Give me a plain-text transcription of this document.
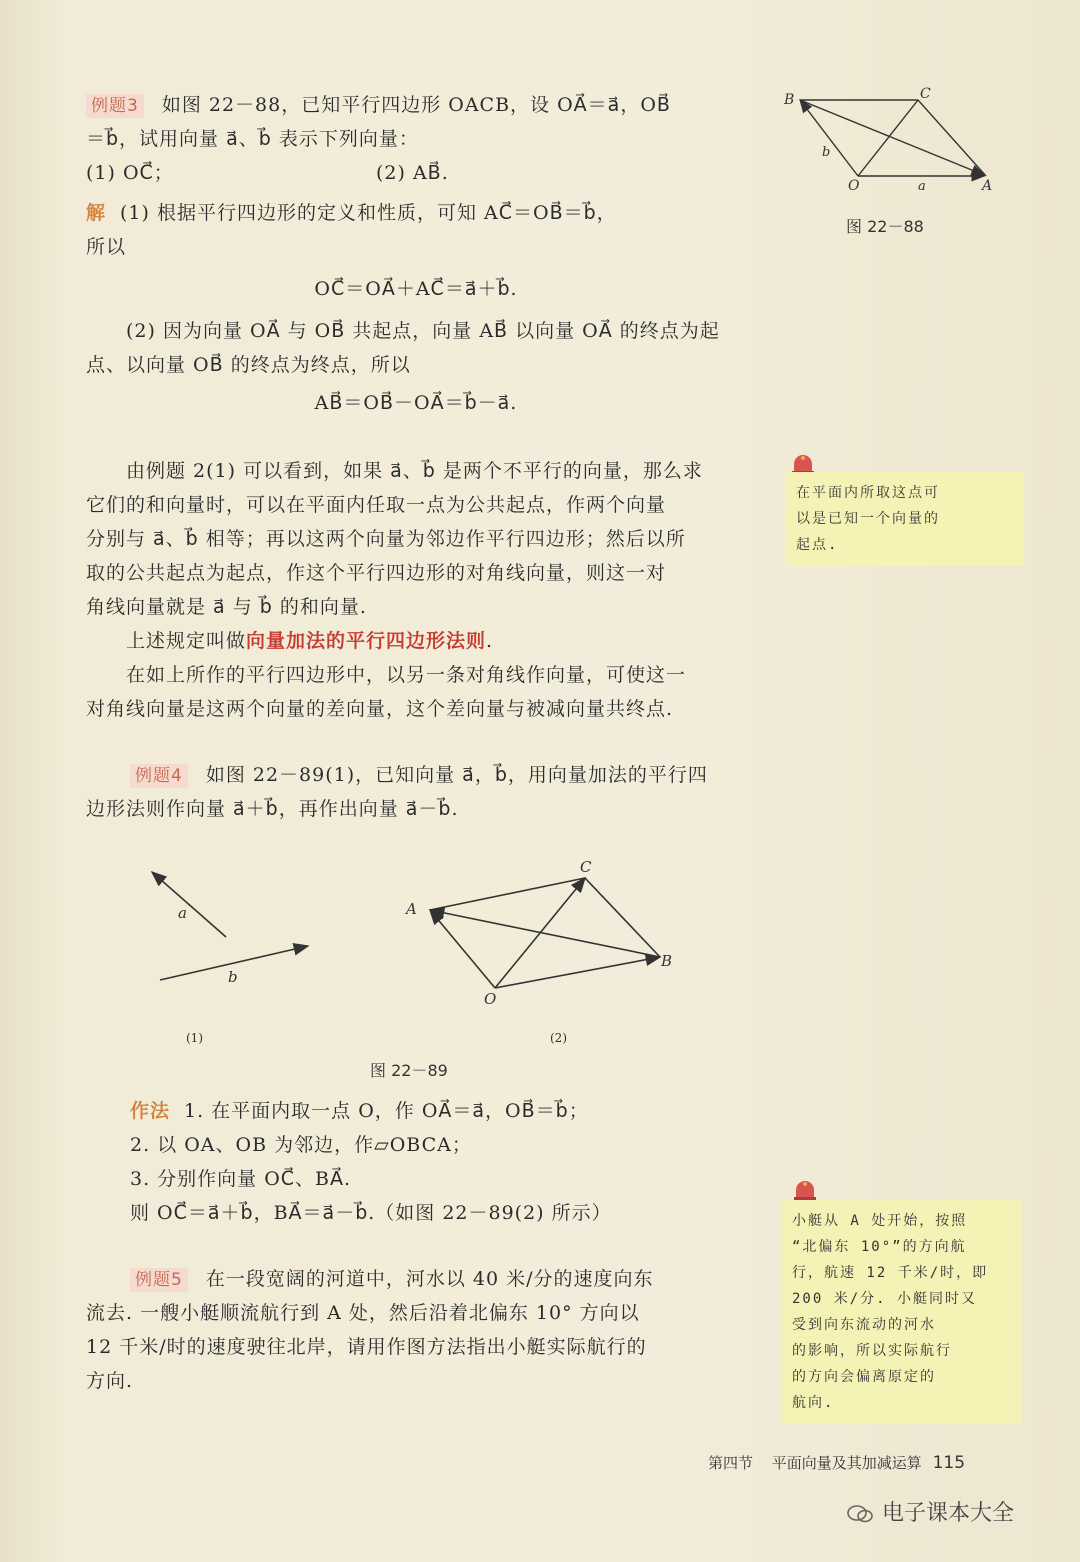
例题3 如图 22－88，已知平行四边形 OACB，设 OA⃗＝a⃗，OB⃗
＝b⃗，试用向量 a⃗、b⃗ 表示下列向量：
(1) OC⃗；	(2) AB⃗.
解 (1) 根据平行四边形的定义和性质，可知 AC⃗＝OB⃗＝b⃗，
所以
OC⃗＝OA⃗＋AC⃗＝a⃗＋b⃗.
(2) 因为向量 OA⃗ 与 OB⃗ 共起点，向量 AB⃗ 以向量 OA⃗ 的终点为起
点、以向量 OB⃗ 的终点为终点，所以
AB⃗＝OB⃗－OA⃗＝b⃗－a⃗.
由例题 2(1) 可以看到，如果 a⃗、b⃗ 是两个不平行的向量，那么求
它们的和向量时，可以在平面内任取一点为公共起点，作两个向量
分别与 a⃗、b⃗ 相等；再以这两个向量为邻边作平行四边形；然后以所
取的公共起点为起点，作这个平行四边形的对角线向量，则这一对
角线向量就是 a⃗ 与 b⃗ 的和向量.
上述规定叫做向量加法的平行四边形法则.
在如上所作的平行四边形中，以另一条对角线作向量，可使这一
对角线向量是这两个向量的差向量，这个差向量与被减向量共终点.
例题4 如图 22－89(1)，已知向量 a⃗，b⃗，用向量加法的平行四
边形法则作向量 a⃗＋b⃗，再作出向量 a⃗－b⃗.
a
b
A
C
B
O
(1)	(2)
图 22－89
作法 1. 在平面内取一点 O，作 OA⃗＝a⃗，OB⃗＝b⃗；
2. 以 OA、OB 为邻边，作▱OBCA；
3. 分别作向量 OC⃗、BA⃗.
则 OC⃗＝a⃗＋b⃗，BA⃗＝a⃗－b⃗.（如图 22－89(2) 所示）
例题5 在一段宽阔的河道中，河水以 40 米/分的速度向东
流去. 一艘小艇顺流航行到 A 处，然后沿着北偏东 10° 方向以
12 千米/时的速度驶往北岸，请用作图方法指出小艇实际航行的
方向.
B	C
O	A
a
b
图 22－88
在平面内所取这点可
以是已知一个向量的
起点.
小艇从 A 处开始，按照
“北偏东 10°”的方向航
行，航速 12 千米/时，即
200 米/分. 小艇同时又
受到向东流动的河水
的影响，所以实际航行
的方向会偏离原定的
航向.
第四节 平面向量及其加减运算 115
电子课本大全
